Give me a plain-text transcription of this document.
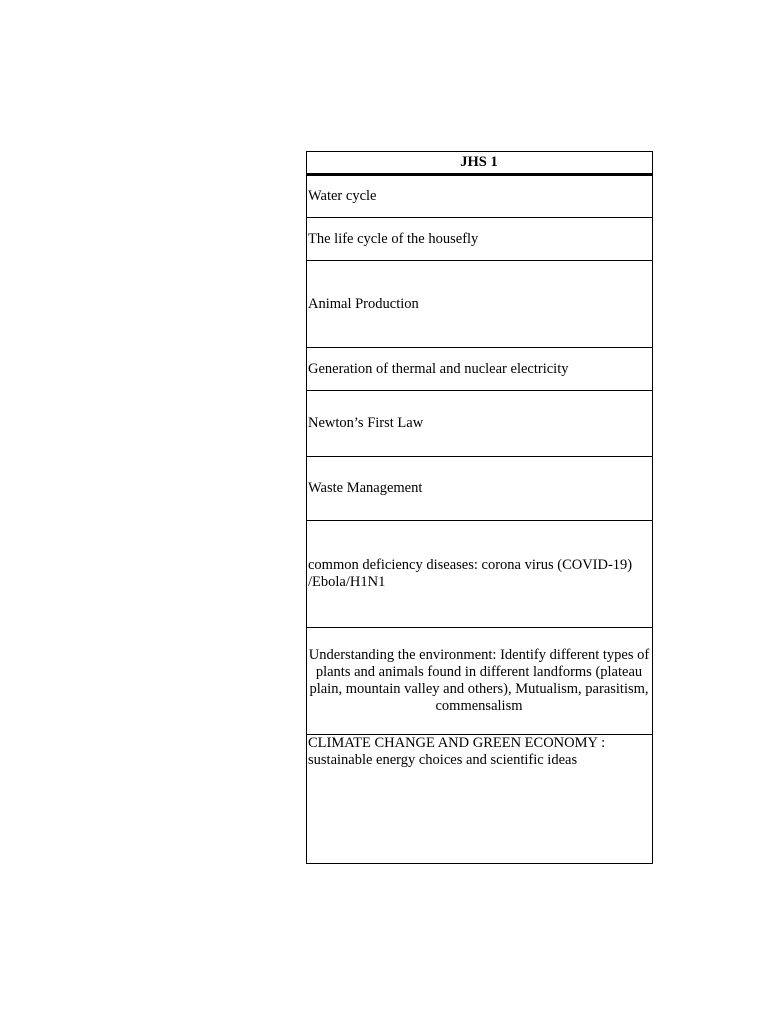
JHS 1
Water cycle
The life cycle of the housefly
Animal Production
Generation of thermal and nuclear electricity
Newton’s First Law
Waste Management
common deficiency diseases: corona virus (COVID-19) /Ebola/H1N1
Understanding the environment: Identify different types of plants and animals found in different landforms (plateau plain, mountain valley and others), Mutualism, parasitism, commensalism
CLIMATE CHANGE AND GREEN ECONOMY : sustainable energy choices and scientific ideas
